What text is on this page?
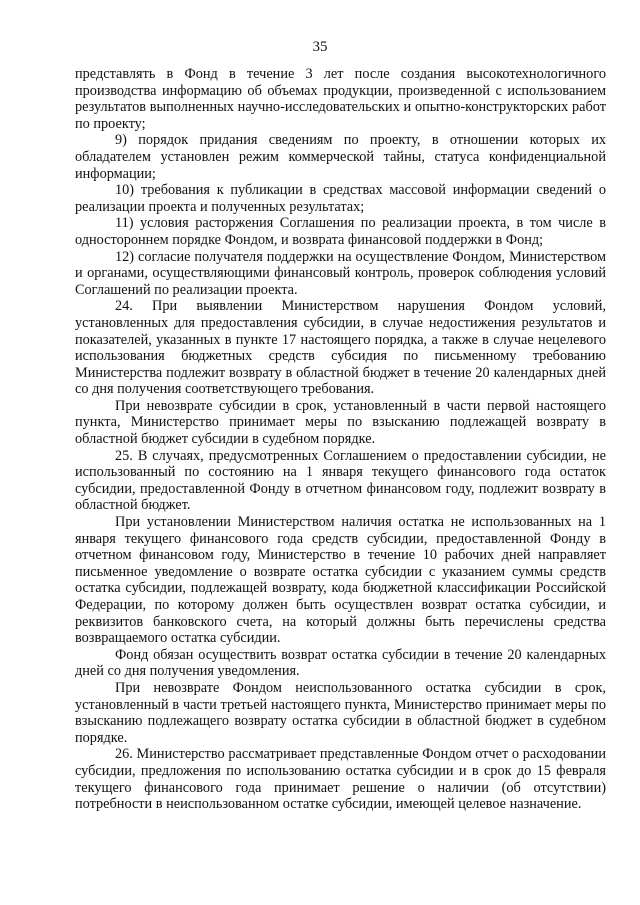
35

представлять в Фонд в течение 3 лет после создания высокотехнологичного производства информацию об объемах продукции, произведенной с использованием результатов выполненных научно-исследовательских и опытно-конструкторских работ по проекту;

9) порядок придания сведениям по проекту, в отношении которых их обладателем установлен режим коммерческой тайны, статуса конфиденциальной информации;

10) требования к публикации в средствах массовой информации сведений о реализации проекта и полученных результатах;

11) условия расторжения Соглашения по реализации проекта, в том числе в одностороннем порядке Фондом, и возврата финансовой поддержки в Фонд;

12) согласие получателя поддержки на осуществление Фондом, Министерством и органами, осуществляющими финансовый контроль, проверок соблюдения условий Соглашений по реализации проекта.

24. При выявлении Министерством нарушения Фондом условий, установленных для предоставления субсидии, в случае недостижения результатов и показателей, указанных в пункте 17 настоящего порядка, а также в случае нецелевого использования бюджетных средств субсидия по письменному требованию Министерства подлежит возврату в областной бюджет в течение 20 календарных дней со дня получения соответствующего требования.

При невозврате субсидии в срок, установленный в части первой настоящего пункта, Министерство принимает меры по взысканию подлежащей возврату в областной бюджет субсидии в судебном порядке.

25. В случаях, предусмотренных Соглашением о предоставлении субсидии, не использованный по состоянию на 1 января текущего финансового года остаток субсидии, предоставленной Фонду в отчетном финансовом году, подлежит возврату в областной бюджет.

При установлении Министерством наличия остатка не использованных на 1 января текущего финансового года средств субсидии, предоставленной Фонду в отчетном финансовом году, Министерство в течение 10 рабочих дней направляет письменное уведомление о возврате остатка субсидии с указанием суммы средств остатка субсидии, подлежащей возврату, кода бюджетной классификации Российской Федерации, по которому должен быть осуществлен возврат остатка субсидии, и реквизитов банковского счета, на который должны быть перечислены средства возвращаемого остатка субсидии.

Фонд обязан осуществить возврат остатка субсидии в течение 20 календарных дней со дня получения уведомления.

При невозврате Фондом неиспользованного остатка субсидии в срок, установленный в части третьей настоящего пункта, Министерство принимает меры по взысканию подлежащего возврату остатка субсидии в областной бюджет в судебном порядке.

26. Министерство рассматривает представленные Фондом отчет о расходовании субсидии, предложения по использованию остатка субсидии и в срок до 15 февраля текущего финансового года принимает решение о наличии (об отсутствии) потребности в неиспользованном остатке субсидии, имеющей целевое назначение.
